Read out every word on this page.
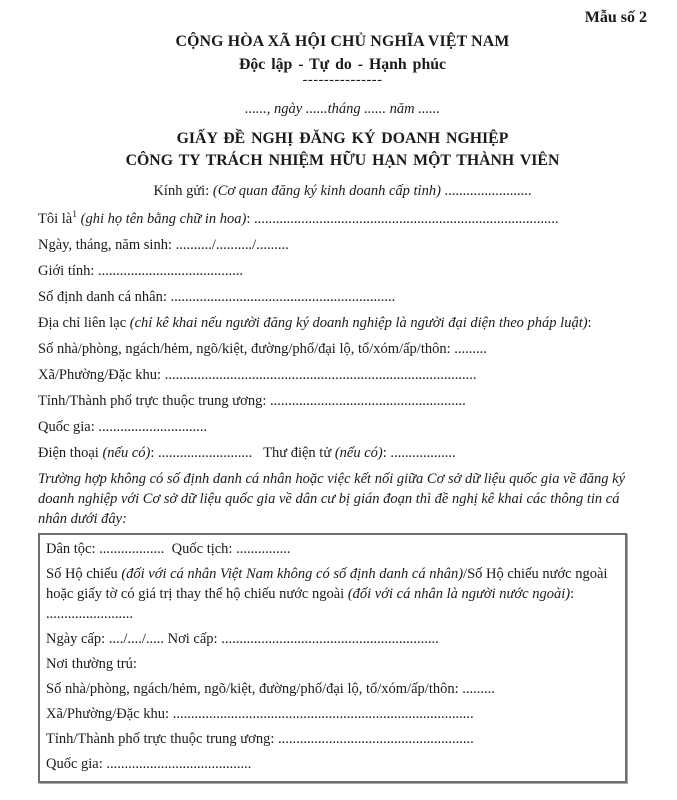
Mẫu số 2
CỘNG HÒA XÃ HỘI CHỦ NGHĨA VIỆT NAM
Độc lập - Tự do - Hạnh phúc
---------------
......, ngày ......tháng ...... năm ......
GIẤY ĐỀ NGHỊ ĐĂNG KÝ DOANH NGHIỆP
CÔNG TY TRÁCH NHIỆM HỮU HẠN MỘT THÀNH VIÊN
Kính gửi: (Cơ quan đăng ký kinh doanh cấp tỉnh) ........................

Tôi $là^1$ (ghi họ tên bằng chữ in hoa): ....................................................................................

Ngày, tháng, năm sinh: ........../........../.........

Giới tính: ........................................

Số định danh cá nhân: ..............................................................

Địa chỉ liên lạc (chỉ kê khai nếu người đăng ký doanh nghiệp là người đại diện theo pháp luật):

Số nhà/phòng, ngách/hẻm, ngõ/kiệt, đường/phố/đại lộ, tổ/xóm/ấp/thôn: .........

Xã/Phường/Đặc khu: ......................................................................................

Tỉnh/Thành phố trực thuộc trung ương: ......................................................

Quốc gia: ..............................

Điện thoại (nếu có): ..........................   Thư điện tử (nếu có): ..................

Trường hợp không có số định danh cá nhân hoặc việc kết nối giữa Cơ sở dữ liệu quốc gia về đăng ký doanh nghiệp với Cơ sở dữ liệu quốc gia về dân cư bị gián đoạn thì đề nghị kê khai các thông tin cá nhân dưới đây:

Dân tộc: ..................  Quốc tịch: ...............

Số Hộ chiếu (đối với cá nhân Việt Nam không có số định danh cá nhân)/Số Hộ chiếu nước ngoài hoặc giấy tờ có giá trị thay thế hộ chiếu nước ngoài (đối với cá nhân là người nước ngoài): ........................

Ngày cấp: ..../..../..... Nơi cấp: ............................................................

Nơi thường trú:

Số nhà/phòng, ngách/hẻm, ngõ/kiệt, đường/phố/đại lộ, tổ/xóm/ấp/thôn: .........

Xã/Phường/Đặc khu: ...................................................................................

Tỉnh/Thành phố trực thuộc trung ương: ......................................................

Quốc gia: ........................................
